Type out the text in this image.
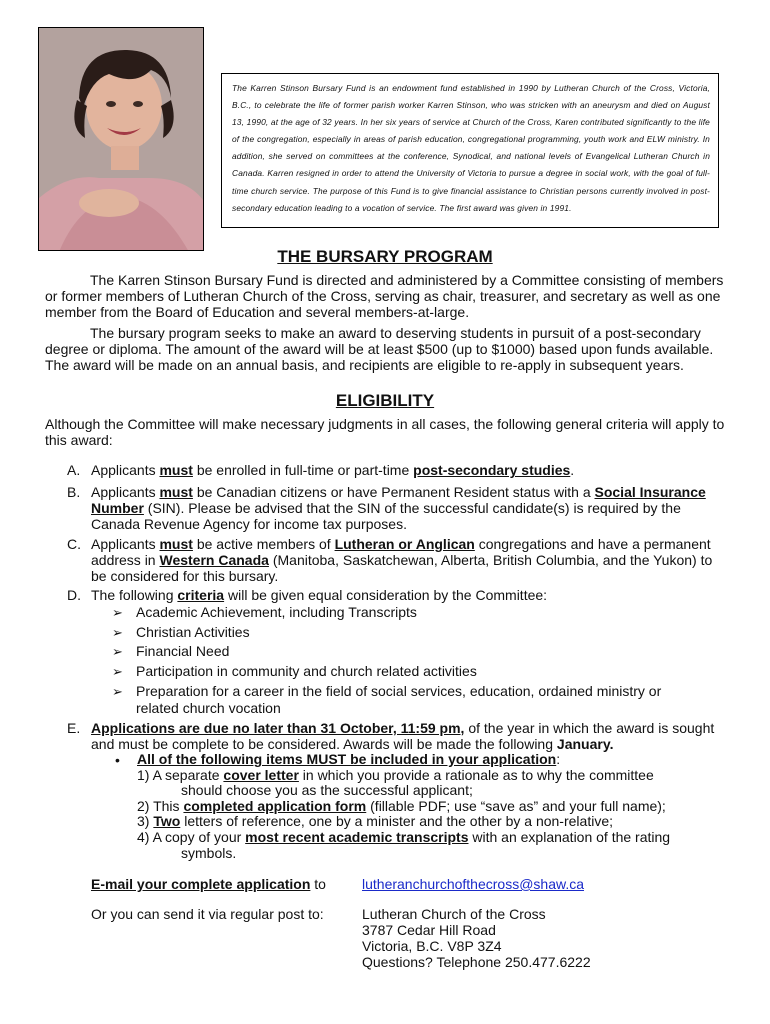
The Karren Stinson Bursary Fund is an endowment fund established in 1990 by Lutheran Church of the Cross, Victoria, B.C., to celebrate the life of former parish worker Karren Stinson, who was stricken with an aneurysm and died on August 13, 1990, at the age of 32 years. In her six years of service at Church of the Cross, Karen contributed significantly to the life of the congregation, especially in areas of parish education, congregational programming, youth work and ELW ministry. In addition, she served on committees at the conference, Synodical, and national levels of Evangelical Lutheran Church in Canada. Karren resigned in order to attend the University of Victoria to pursue a degree in social work, with the goal of full-time church service. The purpose of this Fund is to give financial assistance to Christian persons currently involved in post-secondary education leading to a vocation of service. The first award was given in 1991.
THE BURSARY PROGRAM
The Karren Stinson Bursary Fund is directed and administered by a Committee consisting of members or former members of Lutheran Church of the Cross, serving as chair, treasurer, and secretary as well as one member from the Board of Education and several members-at-large.
The bursary program seeks to make an award to deserving students in pursuit of a post-secondary degree or diploma. The amount of the award will be at least $500 (up to $1000) based upon funds available. The award will be made on an annual basis, and recipients are eligible to re-apply in subsequent years.
ELIGIBILITY
Although the Committee will make necessary judgments in all cases, the following general criteria will apply to this award:
A. Applicants must be enrolled in full-time or part-time post-secondary studies.
B. Applicants must be Canadian citizens or have Permanent Resident status with a Social Insurance Number (SIN). Please be advised that the SIN of the successful candidate(s) is required by the Canada Revenue Agency for income tax purposes.
C. Applicants must be active members of Lutheran or Anglican congregations and have a permanent address in Western Canada (Manitoba, Saskatchewan, Alberta, British Columbia, and the Yukon) to be considered for this bursary.
D. The following criteria will be given equal consideration by the Committee:
➢ Academic Achievement, including Transcripts
➢ Christian Activities
➢ Financial Need
➢ Participation in community and church related activities
➢ Preparation for a career in the field of social services, education, ordained ministry or
related church vocation
E. Applications are due no later than 31 October, 11:59 pm, of the year in which the award is sought and must be complete to be considered. Awards will be made the following January.
• All of the following items MUST be included in your application:
1) A separate cover letter in which you provide a rationale as to why the committee
should choose you as the successful applicant;
2) This completed application form (fillable PDF; use “save as” and your full name);
3) Two letters of reference, one by a minister and the other by a non-relative;
4) A copy of your most recent academic transcripts with an explanation of the rating
symbols.
E-mail your complete application to	lutheranchurchofthecross@shaw.ca
Or you can send it via regular post to:	Lutheran Church of the Cross
3787 Cedar Hill Road
Victoria, B.C. V8P 3Z4
Questions? Telephone 250.477.6222
